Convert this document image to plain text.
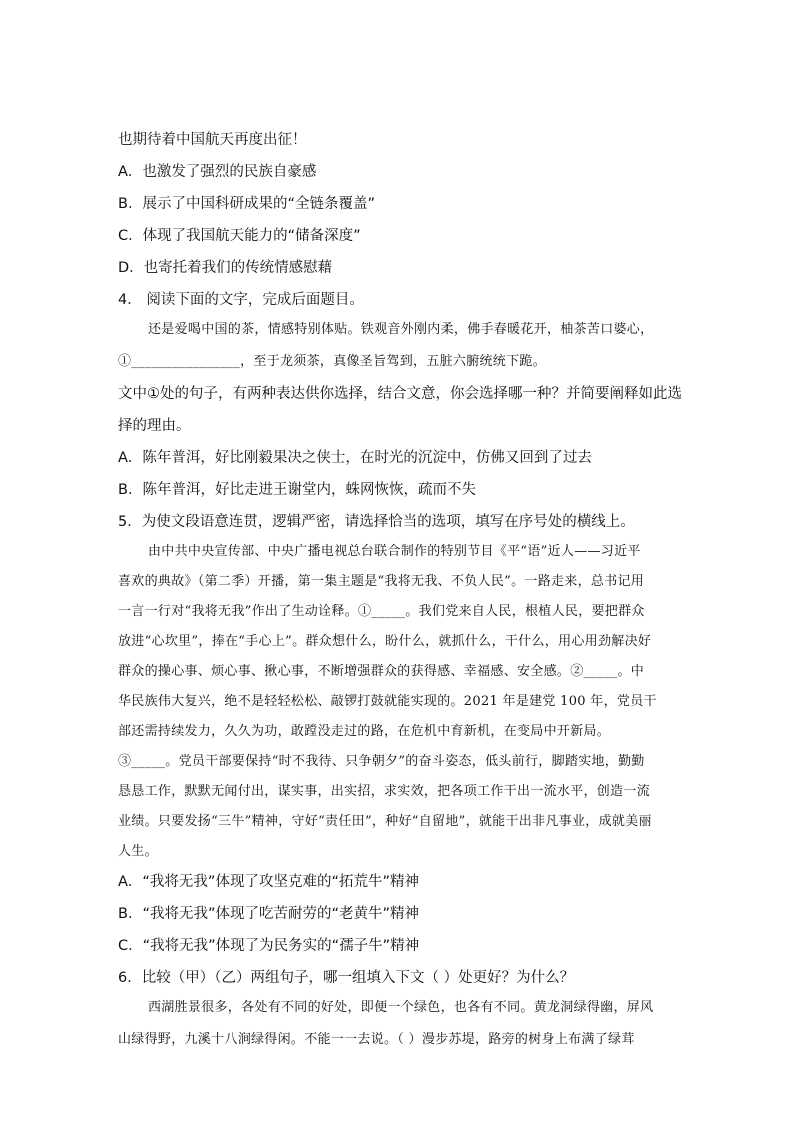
也期待着中国航天再度出征！
A．也激发了强烈的民族自豪感
B．展示了中国科研成果的“全链条覆盖”
C．体现了我国航天能力的“储备深度”
D．也寄托着我们的传统情感慰藉
4． 阅读下面的文字，完成后面题目。
还是爱喝中国的茶，情感特别体贴。铁观音外刚内柔，佛手春暖花开，柚茶苦口婆心，
①________________，至于龙须茶，真像圣旨驾到，五脏六腑统统下跪。
文中①处的句子，有两种表达供你选择，结合文意，你会选择哪一种？并简要阐释如此选
择的理由。
A．陈年普洱，好比刚毅果决之侠士，在时光的沉淀中，仿佛又回到了过去
B．陈年普洱，好比走进王谢堂内，蛛网恢恢，疏而不失
5．为使文段语意连贯，逻辑严密，请选择恰当的选项，填写在序号处的横线上。
由中共中央宣传部、中央广播电视总台联合制作的特别节目《平“语”近人——习近平
喜欢的典故》（第二季）开播，第一集主题是“我将无我、不负人民”。一路走来，总书记用
一言一行对“我将无我”作出了生动诠释。①_____。我们党来自人民，根植人民，要把群众
放进“心坎里”，捧在“手心上”。群众想什么，盼什么，就抓什么，干什么，用心用劲解决好
群众的操心事、烦心事、揪心事，不断增强群众的获得感、幸福感、安全感。②_____。中
华民族伟大复兴，绝不是轻轻松松、敲锣打鼓就能实现的。2021 年是建党 100 年，党员干
部还需持续发力，久久为功，敢蹚没走过的路，在危机中育新机，在变局中开新局。
③_____。党员干部要保持“时不我待、只争朝夕”的奋斗姿态，低头前行，脚踏实地，勤勤
恳恳工作，默默无闻付出，谋实事，出实招，求实效，把各项工作干出一流水平，创造一流
业绩。只要发扬“三牛”精神，守好“责任田”，种好“自留地”，就能干出非凡事业，成就美丽
人生。
A．“我将无我”体现了攻坚克难的“拓荒牛”精神
B．“我将无我”体现了吃苦耐劳的“老黄牛”精神
C．“我将无我”体现了为民务实的“孺子牛”精神
6．比较（甲）（乙）两组句子，哪一组填入下文（ ）处更好？为什么？
西湖胜景很多，各处有不同的好处，即便一个绿色，也各有不同。黄龙洞绿得幽，屏风
山绿得野，九溪十八涧绿得闲。不能一一去说。（ ）漫步苏堤，路旁的树身上布满了绿茸
